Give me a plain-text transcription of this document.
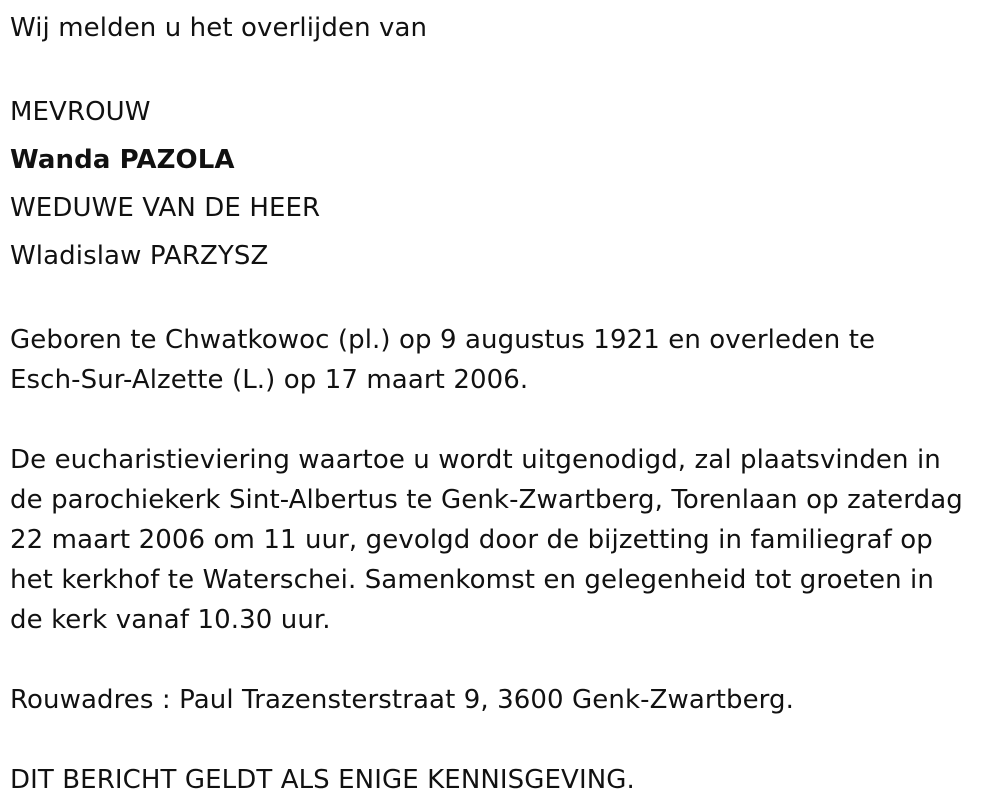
Wij melden u het overlijden van
MEVROUW
Wanda PAZOLA
WEDUWE VAN DE HEER
Wladislaw PARZYSZ
Geboren te Chwatkowoc (pl.) op 9 augustus 1921 en overleden te
Esch-Sur-Alzette (L.) op 17 maart 2006.
De eucharistieviering waartoe u wordt uitgenodigd, zal plaatsvinden in
de parochiekerk Sint-Albertus te Genk-Zwartberg, Torenlaan op zaterdag
22 maart 2006 om 11 uur, gevolgd door de bijzetting in familiegraf op
het kerkhof te Waterschei. Samenkomst en gelegenheid tot groeten in
de kerk vanaf 10.30 uur.
Rouwadres : Paul Trazensterstraat 9, 3600 Genk-Zwartberg.
DIT BERICHT GELDT ALS ENIGE KENNISGEVING.
